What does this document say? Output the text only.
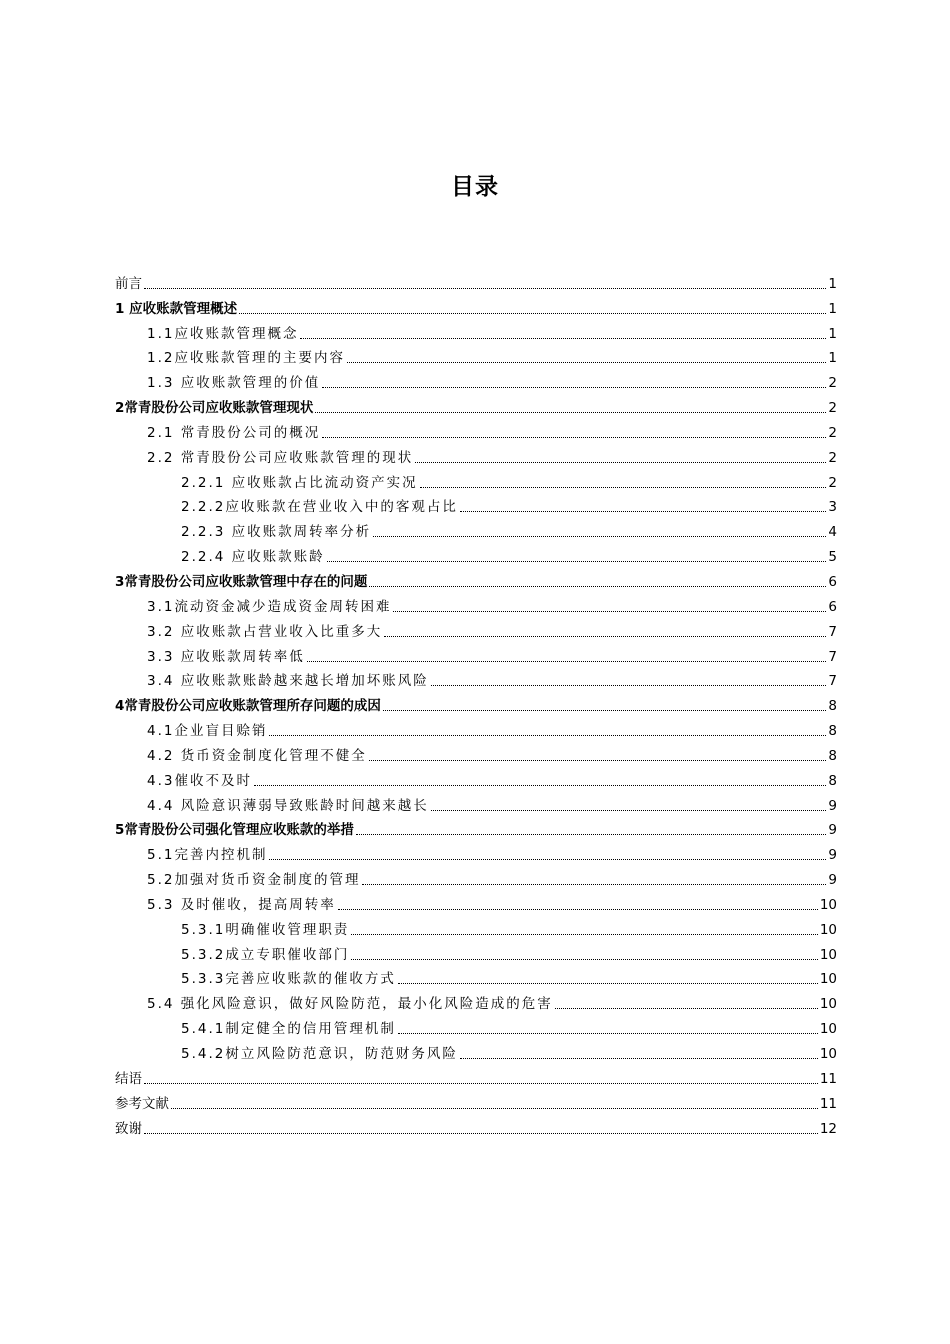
目录
前言	1
1 应收账款管理概述	1
1.1应收账款管理概念	1
1.2应收账款管理的主要内容	1
1.3 应收账款管理的价值	2
2常青股份公司应收账款管理现状	2
2.1 常青股份公司的概况	2
2.2 常青股份公司应收账款管理的现状	2
2.2.1 应收账款占比流动资产实况	2
2.2.2应收账款在营业收入中的客观占比	3
2.2.3 应收账款周转率分析	4
2.2.4 应收账款账龄	5
3常青股份公司应收账款管理中存在的问题	6
3.1流动资金减少造成资金周转困难	6
3.2 应收账款占营业收入比重多大	7
3.3 应收账款周转率低	7
3.4 应收账款账龄越来越长增加坏账风险	7
4常青股份公司应收账款管理所存问题的成因	8
4.1企业盲目赊销	8
4.2 货币资金制度化管理不健全	8
4.3催收不及时	8
4.4 风险意识薄弱导致账龄时间越来越长	9
5常青股份公司强化管理应收账款的举措	9
5.1完善内控机制	9
5.2加强对货币资金制度的管理	9
5.3 及时催收，提高周转率	10
5.3.1明确催收管理职责	10
5.3.2成立专职催收部门	10
5.3.3完善应收账款的催收方式	10
5.4 强化风险意识，做好风险防范，最小化风险造成的危害	10
5.4.1制定健全的信用管理机制	10
5.4.2树立风险防范意识，防范财务风险	10
结语	11
参考文献	11
致谢	12
